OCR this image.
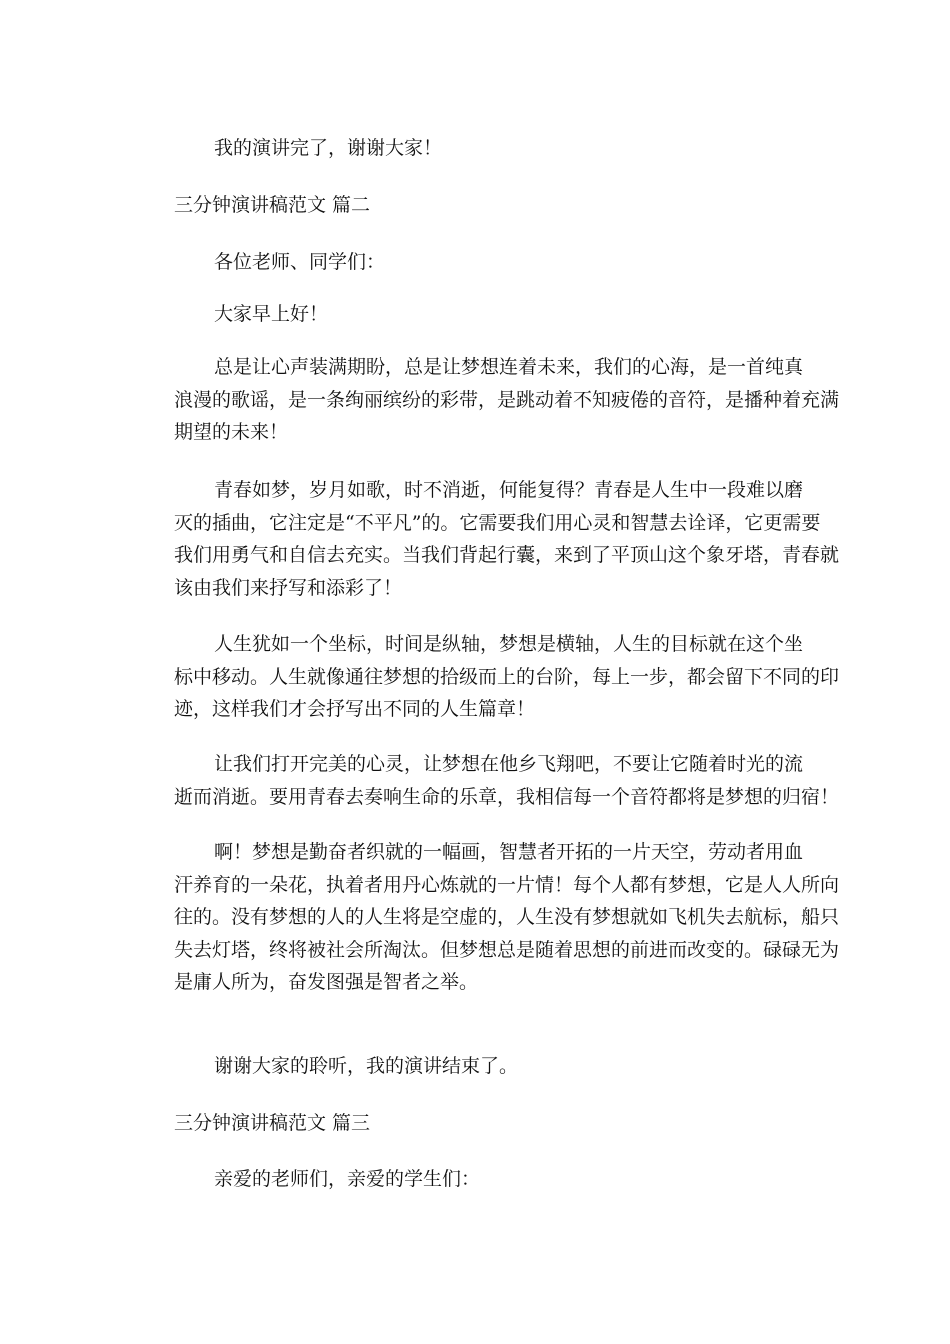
我的演讲完了，谢谢大家！

三分钟演讲稿范文 篇二

各位老师、同学们：

大家早上好！

总是让心声装满期盼，总是让梦想连着未来，我们的心海，是一首纯真
浪漫的歌谣，是一条绚丽缤纷的彩带，是跳动着不知疲倦的音符，是播种着充满
期望的未来！
青春如梦，岁月如歌，时不消逝，何能复得？青春是人生中一段难以磨
灭的插曲，它注定是“不平凡”的。它需要我们用心灵和智慧去诠译，它更需要
我们用勇气和自信去充实。当我们背起行囊，来到了平顶山这个象牙塔，青春就
该由我们来抒写和添彩了！
人生犹如一个坐标，时间是纵轴，梦想是横轴，人生的目标就在这个坐
标中移动。人生就像通往梦想的拾级而上的台阶，每上一步，都会留下不同的印
迹，这样我们才会抒写出不同的人生篇章！
让我们打开完美的心灵，让梦想在他乡飞翔吧，不要让它随着时光的流
逝而消逝。要用青春去奏响生命的乐章，我相信每一个音符都将是梦想的归宿！
啊！梦想是勤奋者织就的一幅画，智慧者开拓的一片天空，劳动者用血
汗养育的一朵花，执着者用丹心炼就的一片情！每个人都有梦想，它是人人所向
往的。没有梦想的人的人生将是空虚的，人生没有梦想就如飞机失去航标，船只
失去灯塔，终将被社会所淘汰。但梦想总是随着思想的前进而改变的。碌碌无为
是庸人所为，奋发图强是智者之举。

谢谢大家的聆听，我的演讲结束了。

三分钟演讲稿范文 篇三

亲爱的老师们，亲爱的学生们：
